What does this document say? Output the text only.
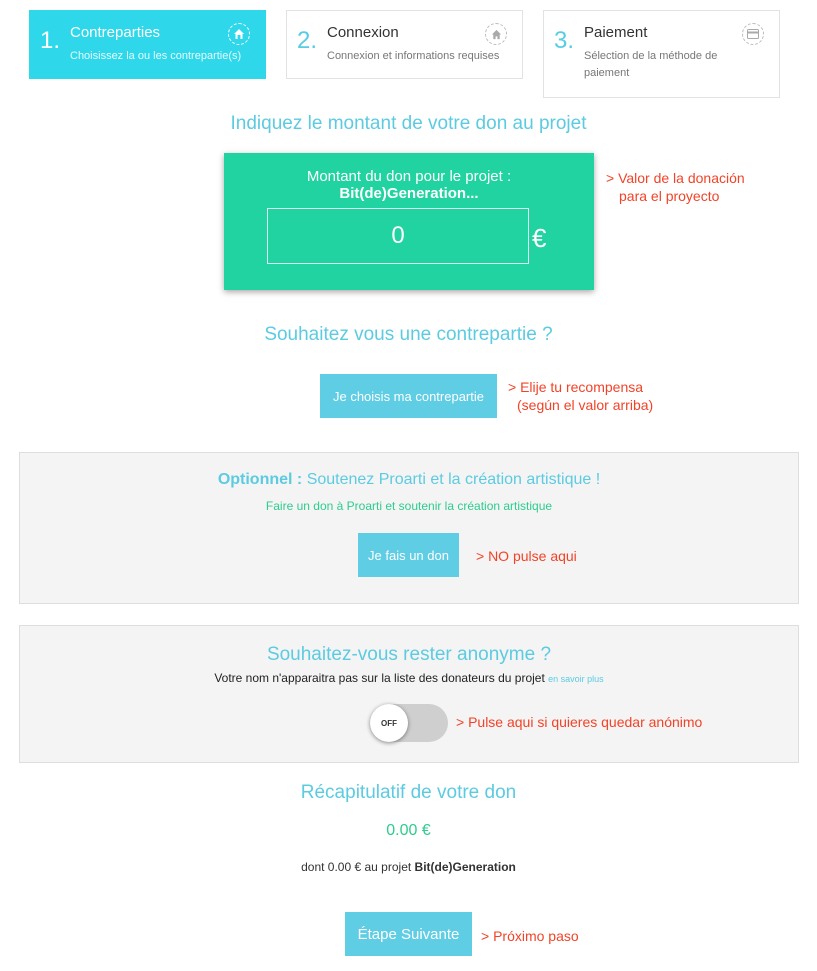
1. Contreparties
Choisissez la ou les contrepartie(s)
2. Connexion
Connexion et informations requises
3. Paiement
Sélection de la méthode de
paiement
Indiquez le montant de votre don au projet
Montant du don pour le projet :
Bit(de)Generation...
0
€
> Valor de la donación
para el proyecto
Souhaitez vous une contrepartie ?
Je choisis ma contrepartie
> Elije tu recompensa
(según el valor arriba)
Optionnel : Soutenez Proarti et la création artistique !
Faire un don à Proarti et soutenir la création artistique
Je fais un don	> NO pulse aqui
Souhaitez-vous rester anonyme ?
Votre nom n'apparaitra pas sur la liste des donateurs du projet en savoir plus
OFF	> Pulse aqui si quieres quedar anónimo
Récapitulatif de votre don
0.00 €
dont 0.00 € au projet Bit(de)Generation
Étape Suivante	> Próximo paso
